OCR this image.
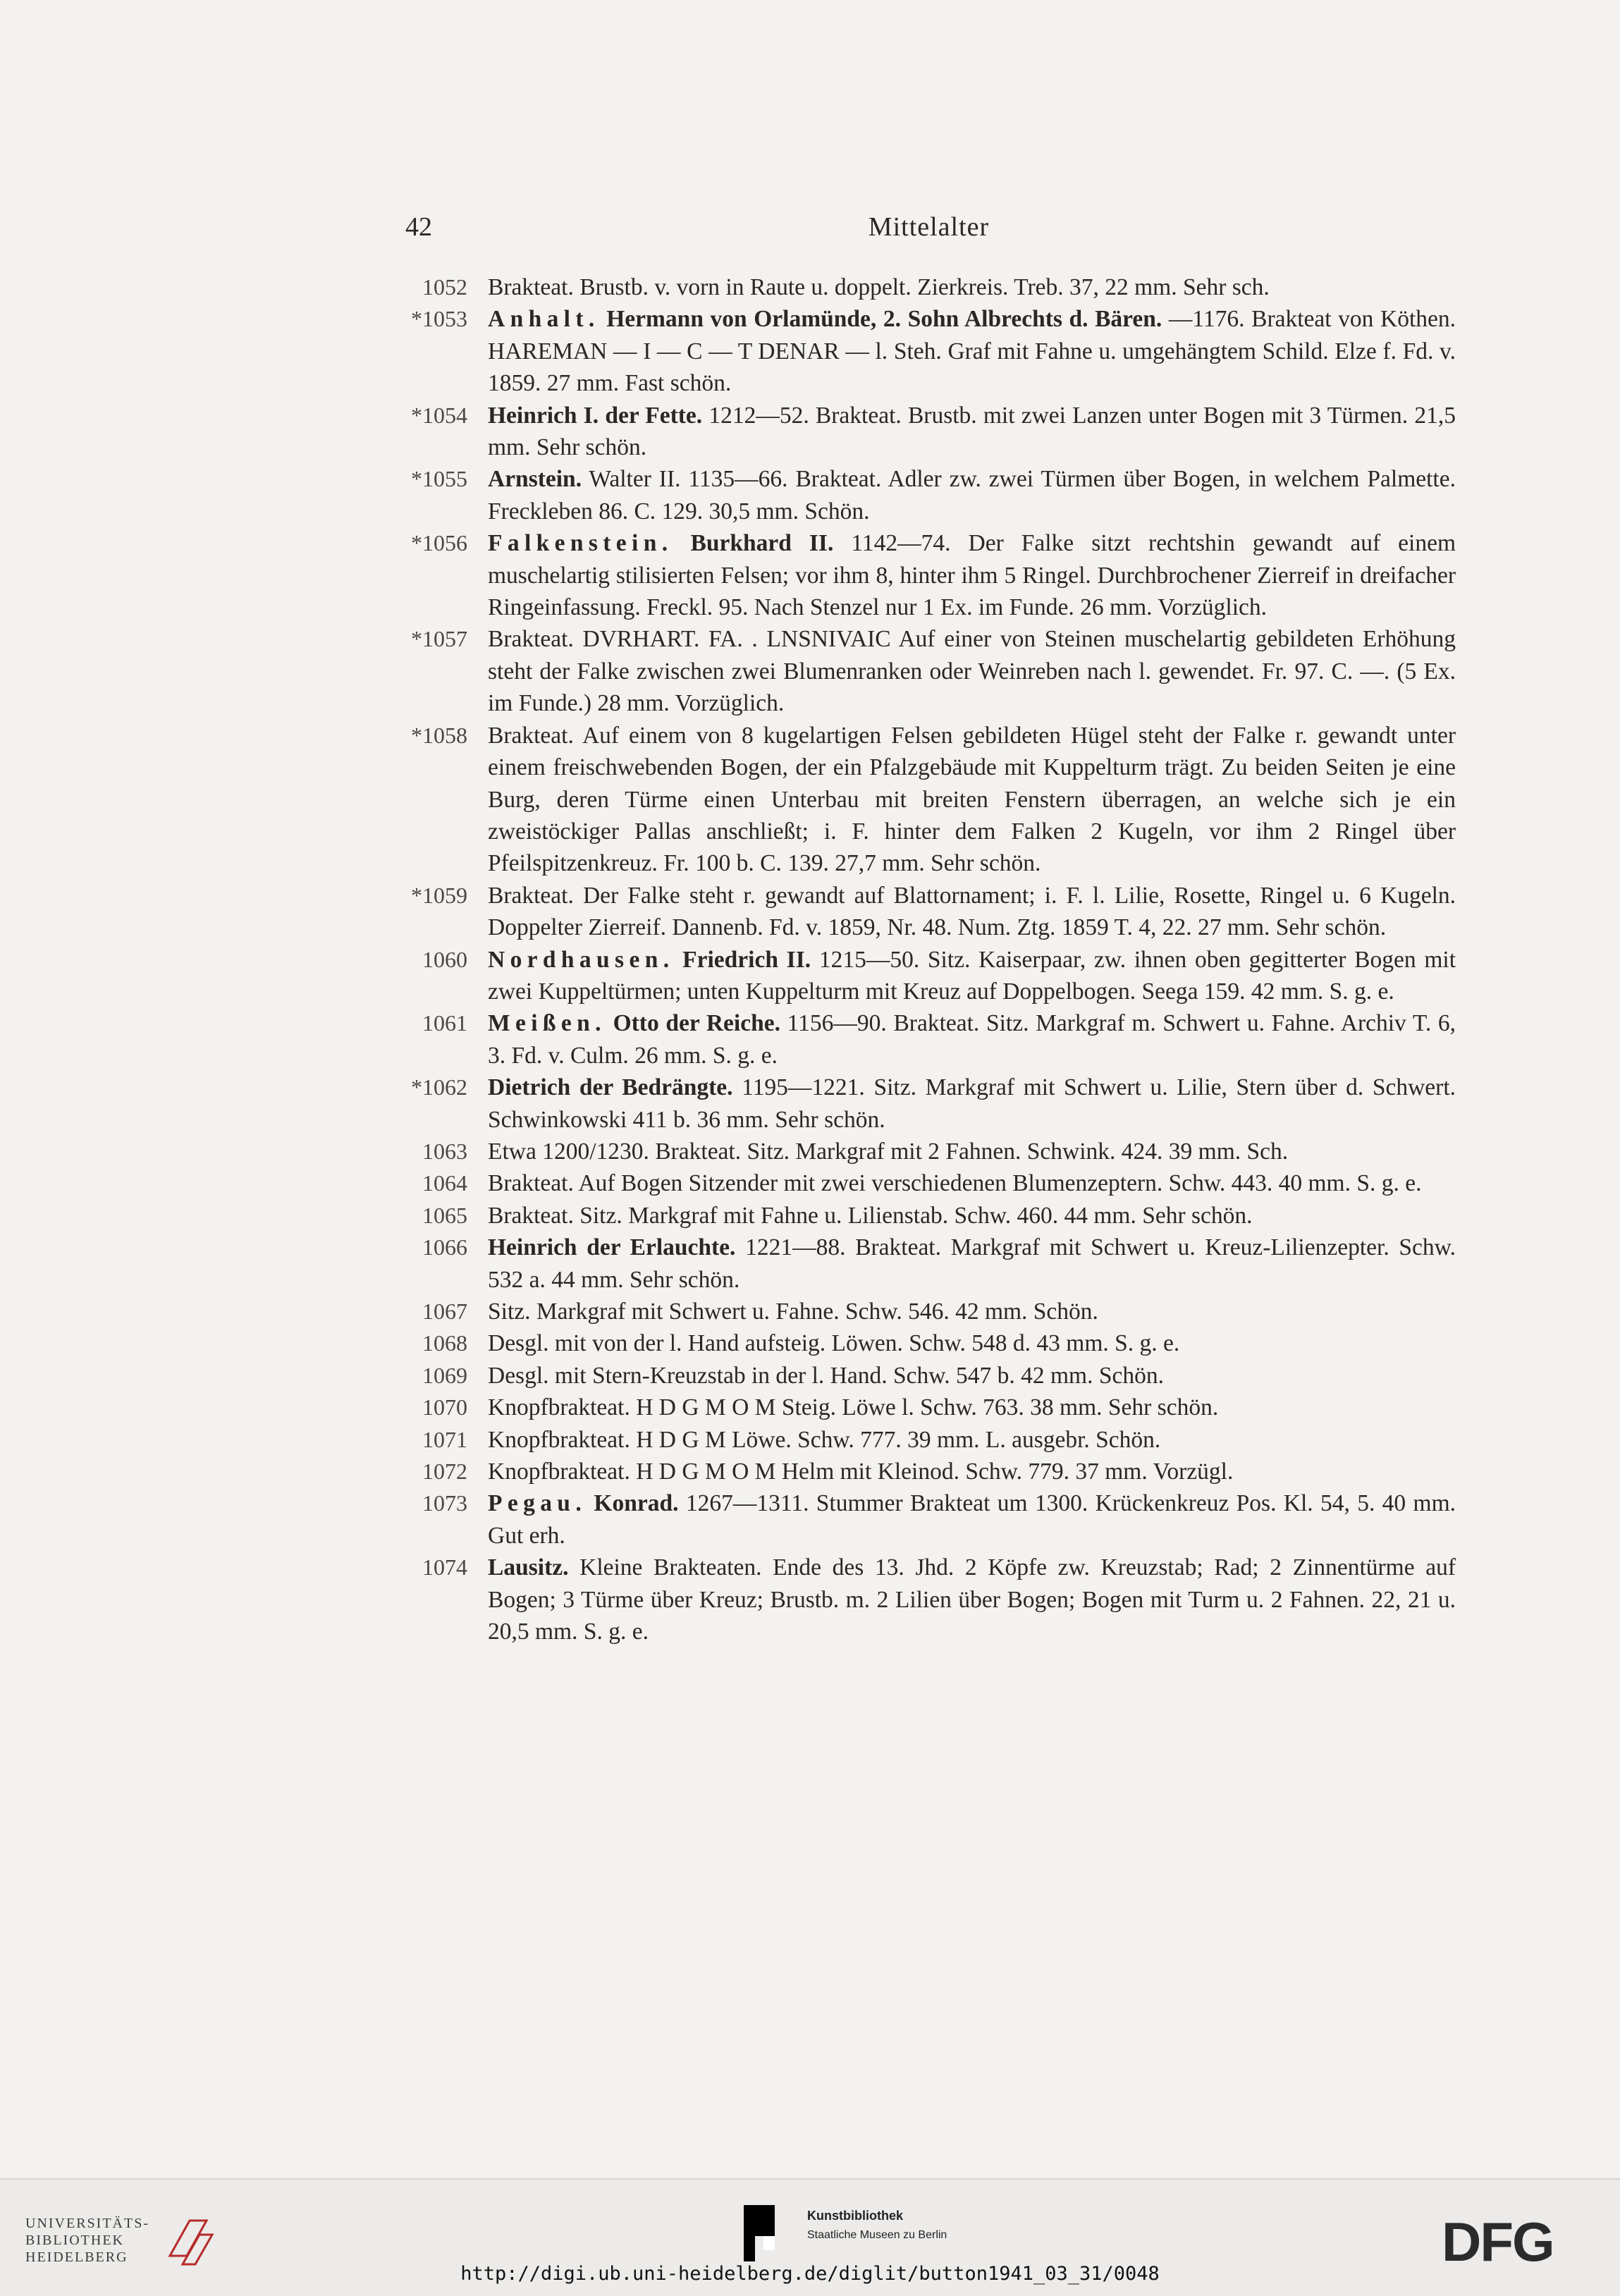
42	Mittelalter
1052 Brakteat. Brustb. v. vorn in Raute u. doppelt. Zierkreis. Treb. 37, 22 mm. Sehr sch.
*1053 Anhalt. Hermann von Orlamünde, 2. Sohn Albrechts d. Bären. —1176. Brakteat von Köthen. HAREMAN — I — C — T DENAR — l. Steh. Graf mit Fahne u. umgehängtem Schild. Elze f. Fd. v. 1859. 27 mm. Fast schön.
*1054 Heinrich I. der Fette. 1212—52. Brakteat. Brustb. mit zwei Lanzen unter Bogen mit 3 Türmen. 21,5 mm. Sehr schön.
*1055 Arnstein. Walter II. 1135—66. Brakteat. Adler zw. zwei Türmen über Bogen, in welchem Palmette. Freckleben 86. C. 129. 30,5 mm. Schön.
*1056 Falkenstein. Burkhard II. 1142—74. Der Falke sitzt rechtshin gewandt auf einem muschelartig stilisierten Felsen; vor ihm 8, hinter ihm 5 Ringel. Durchbrochener Zierreif in dreifacher Ringeinfassung. Freckl. 95. Nach Stenzel nur 1 Ex. im Funde. 26 mm. Vorzüglich.
*1057 Brakteat. DVRHART. FA. . LNSNIVAIC Auf einer von Steinen muschelartig gebildeten Erhöhung steht der Falke zwischen zwei Blumenranken oder Weinreben nach l. gewendet. Fr. 97. C. —. (5 Ex. im Funde.) 28 mm. Vorzüglich.
*1058 Brakteat. Auf einem von 8 kugelartigen Felsen gebildeten Hügel steht der Falke r. gewandt unter einem freischwebenden Bogen, der ein Pfalzgebäude mit Kuppelturm trägt. Zu beiden Seiten je eine Burg, deren Türme einen Unterbau mit breiten Fenstern überragen, an welche sich je ein zweistöckiger Pallas anschließt; i. F. hinter dem Falken 2 Kugeln, vor ihm 2 Ringel über Pfeilspitzenkreuz. Fr. 100 b. C. 139. 27,7 mm. Sehr schön.
*1059 Brakteat. Der Falke steht r. gewandt auf Blattornament; i. F. l. Lilie, Rosette, Ringel u. 6 Kugeln. Doppelter Zierreif. Dannenb. Fd. v. 1859, Nr. 48. Num. Ztg. 1859 T. 4, 22. 27 mm. Sehr schön.
1060 Nordhausen. Friedrich II. 1215—50. Sitz. Kaiserpaar, zw. ihnen oben gegitterter Bogen mit zwei Kuppeltürmen; unten Kuppelturm mit Kreuz auf Doppelbogen. Seega 159. 42 mm. S. g. e.
1061 Meißen. Otto der Reiche. 1156—90. Brakteat. Sitz. Markgraf m. Schwert u. Fahne. Archiv T. 6, 3. Fd. v. Culm. 26 mm. S. g. e.
*1062 Dietrich der Bedrängte. 1195—1221. Sitz. Markgraf mit Schwert u. Lilie, Stern über d. Schwert. Schwinkowski 411 b. 36 mm. Sehr schön.
1063 Etwa 1200/1230. Brakteat. Sitz. Markgraf mit 2 Fahnen. Schwink. 424. 39 mm. Sch.
1064 Brakteat. Auf Bogen Sitzender mit zwei verschiedenen Blumenzeptern. Schw. 443. 40 mm. S. g. e.
1065 Brakteat. Sitz. Markgraf mit Fahne u. Lilienstab. Schw. 460. 44 mm. Sehr schön.
1066 Heinrich der Erlauchte. 1221—88. Brakteat. Markgraf mit Schwert u. Kreuz-Lilienzepter. Schw. 532 a. 44 mm. Sehr schön.
1067 Sitz. Markgraf mit Schwert u. Fahne. Schw. 546. 42 mm. Schön.
1068 Desgl. mit von der l. Hand aufsteig. Löwen. Schw. 548 d. 43 mm. S. g. e.
1069 Desgl. mit Stern-Kreuzstab in der l. Hand. Schw. 547 b. 42 mm. Schön.
1070 Knopfbrakteat. H D G M O M Steig. Löwe l. Schw. 763. 38 mm. Sehr schön.
1071 Knopfbrakteat. H D G M Löwe. Schw. 777. 39 mm. L. ausgebr. Schön.
1072 Knopfbrakteat. H D G M O M Helm mit Kleinod. Schw. 779. 37 mm. Vorzügl.
1073 Pegau. Konrad. 1267—1311. Stummer Brakteat um 1300. Krückenkreuz Pos. Kl. 54, 5. 40 mm. Gut erh.
1074 Lausitz. Kleine Brakteaten. Ende des 13. Jhd. 2 Köpfe zw. Kreuzstab; Rad; 2 Zinnentürme auf Bogen; 3 Türme über Kreuz; Brustb. m. 2 Lilien über Bogen; Bogen mit Turm u. 2 Fahnen. 22, 21 u. 20,5 mm. S. g. e.
UNIVERSITÄTS-
BIBLIOTHEK
HEIDELBERG
Kunstbibliothek
Staatliche Museen zu Berlin	DFG
http://digi.ub.uni-heidelberg.de/diglit/button1941_03_31/0048
